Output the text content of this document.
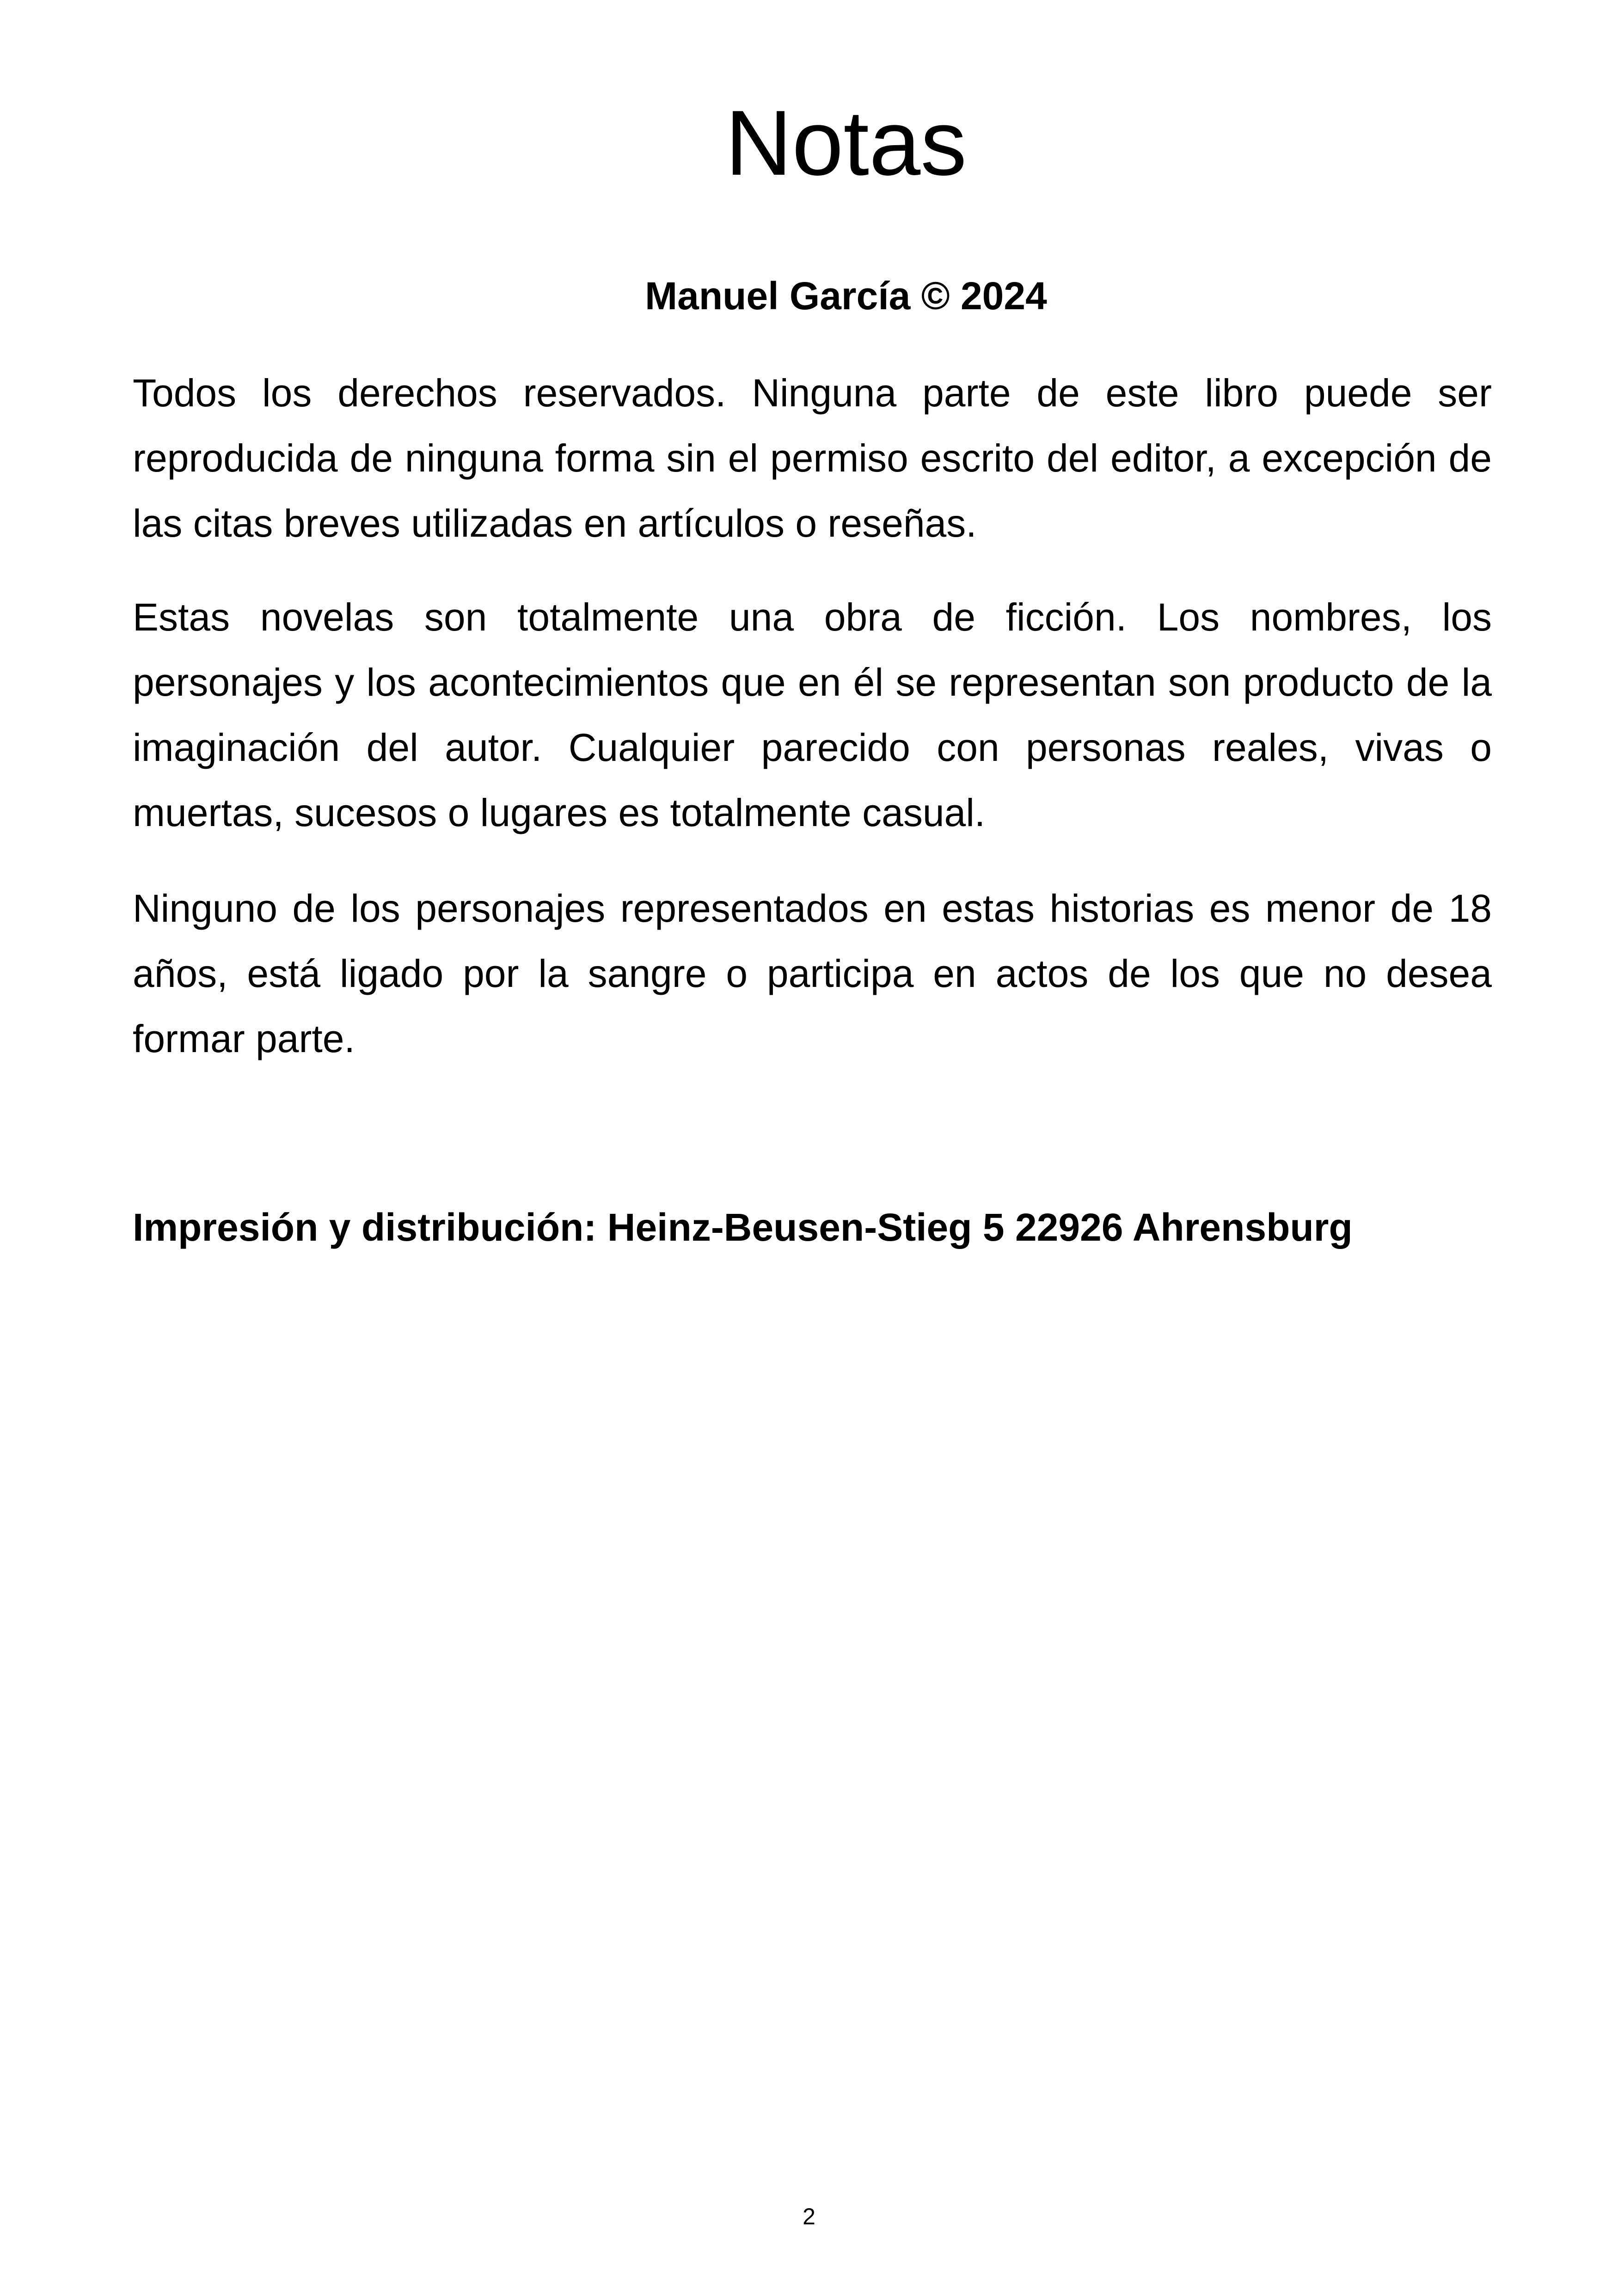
Notas

Manuel García © 2024

Todos los derechos reservados. Ninguna parte de este libro puede ser reproducida de ninguna forma sin el permiso escrito del editor, a excepción de las citas breves utilizadas en artículos o reseñas.

Estas novelas son totalmente una obra de ficción. Los nombres, los personajes y los acontecimientos que en él se representan son producto de la imaginación del autor. Cualquier parecido con personas reales, vivas o muertas, sucesos o lugares es totalmente casual.

Ninguno de los personajes representados en estas historias es menor de 18 años, está ligado por la sangre o participa en actos de los que no desea formar parte.

Impresión y distribución: Heinz-Beusen-Stieg 5 22926 Ahrensburg

2
